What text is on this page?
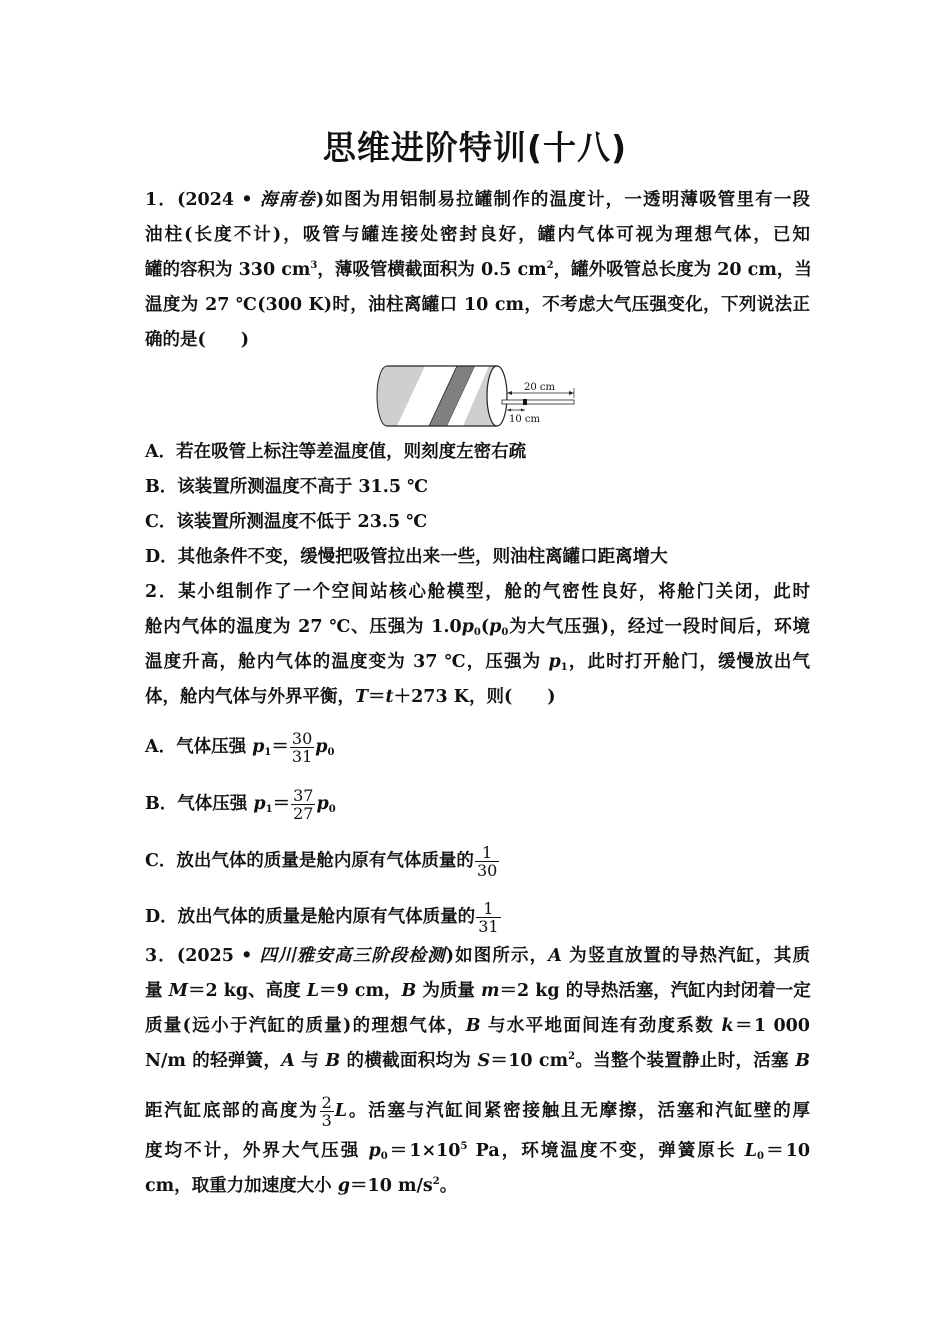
思维进阶特训(十八)
1．(2024 • 海南卷)如图为用铝制易拉罐制作的温度计，一透明薄吸管里有一段
油柱(长度不计)，吸管与罐连接处密封良好，罐内气体可视为理想气体，已知
罐的容积为 330 $cm^3$，薄吸管横截面积为 0.5 $cm^2$，罐外吸管总长度为 20 cm，当
温度为 27 ℃(300 K)时，油柱离罐口 10 cm，不考虑大气压强变化，下列说法正
确的是(　　)
20 cm
10 cm
A．若在吸管上标注等差温度值，则刻度左密右疏
B．该装置所测温度不高于 31.5 ℃
C．该装置所测温度不低于 23.5 ℃
D．其他条件不变，缓慢把吸管拉出来一些，则油柱离罐口距离增大
2．某小组制作了一个空间站核心舱模型，舱的气密性良好，将舱门关闭，此时
舱内气体的温度为 27 ℃、压强为 $1.0p_0(p_0$为大气压强)，经过一段时间后，环境
温度升高，舱内气体的温度变为 37 ℃，压强为 $p_1$，此时打开舱门，缓慢放出气
体，舱内气体与外界平衡，T＝t＋273 K，则(　　)
A．气体压强 $p_1= \frac{30}{31} p_0$
B．气体压强 $p_1= \frac{37}{27} p_0$
C．放出气体的质量是舱内原有气体质量的 $\frac{1}{30}$
D．放出气体的质量是舱内原有气体质量的 $\frac{1}{31}$
3．(2025 • 四川雅安高三阶段检测)如图所示，A 为竖直放置的导热汽缸，其质
量 M＝2 kg、高度 L＝9 cm，B 为质量 m＝2 kg 的导热活塞，汽缸内封闭着一定
质量(远小于汽缸的质量)的理想气体，B 与水平地面间连有劲度系数 k＝1 000
N/m 的轻弹簧，A 与 B 的横截面积均为 S＝10 $cm^2$。当整个装置静止时，活塞 B
距汽缸底部的高度为 $\frac{2}{3}$ L。活塞与汽缸间紧密接触且无摩擦，活塞和汽缸壁的厚
度均不计，外界大气压强 $p_0=1\times 10^5$ Pa，环境温度不变，弹簧原长 $L_0=10$
cm，取重力加速度大小 g＝10 $m/s^2$。
